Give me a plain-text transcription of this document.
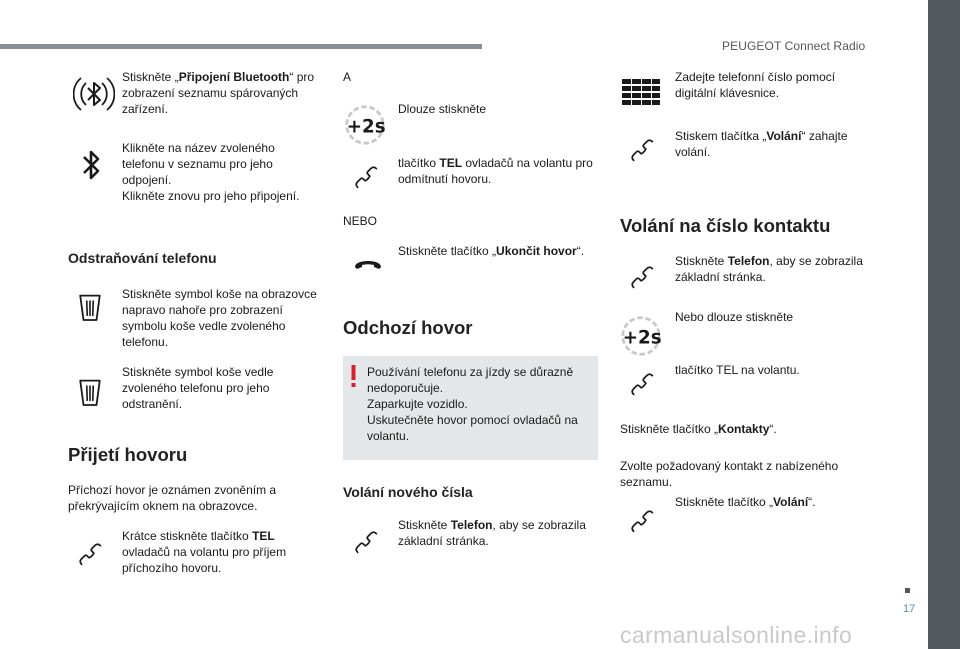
PEUGEOT Connect Radio
17
carmanualsonline.info
Stiskněte „Připojení Bluetooth“ pro zobrazení seznamu spárovaných zařízení.
Klikněte na název zvoleného telefonu v seznamu pro jeho odpojení.
Klikněte znovu pro jeho připojení.
Odstraňování telefonu
Stiskněte symbol koše na obrazovce napravo nahoře pro zobrazení symbolu koše vedle zvoleného telefonu.
Stiskněte symbol koše vedle zvoleného telefonu pro jeho odstranění.
Přijetí hovoru
Příchozí hovor je oznámen zvoněním a překrývajícím oknem na obrazovce.
Krátce stiskněte tlačítko TEL ovladačů na volantu pro příjem příchozího hovoru.
A
Dlouze stiskněte
tlačítko TEL ovladačů na volantu pro odmítnutí hovoru.
NEBO
Stiskněte tlačítko „Ukončit hovor“.
Odchozí hovor
Používání telefonu za jízdy se důrazně nedoporučuje.
Zaparkujte vozidlo.
Uskutečněte hovor pomocí ovladačů na volantu.
Volání nového čísla
Stiskněte Telefon, aby se zobrazila základní stránka.
Zadejte telefonní číslo pomocí digitální klávesnice.
Stiskem tlačítka „Volání“ zahajte volání.
Volání na číslo kontaktu
Stiskněte Telefon, aby se zobrazila základní stránka.
Nebo dlouze stiskněte
tlačítko TEL na volantu.
Stiskněte tlačítko „Kontakty“.
Zvolte požadovaný kontakt z nabízeného seznamu.
Stiskněte tlačítko „Volání“.
